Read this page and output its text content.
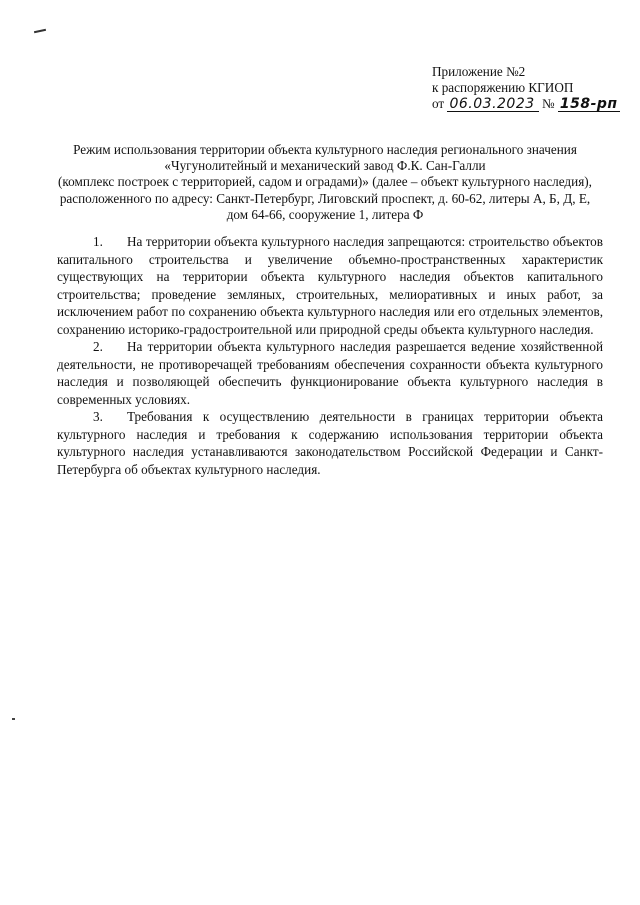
Приложение №2
к распоряжению КГИОП
от 06.03.2023 № 158-рп
Режим использования территории объекта культурного наследия регионального значения
«Чугунолитейный и механический завод Ф.К. Сан-Галли
(комплекс построек с территорией, садом и оградами)» (далее – объект культурного наследия),
расположенного по адресу: Санкт-Петербург, Лиговский проспект, д. 60-62, литеры А, Б, Д, Е,
дом 64-66, сооружение 1, литера Ф

1. На территории объекта культурного наследия запрещаются: строительство объектов капитального строительства и увеличение объемно-пространственных характеристик существующих на территории объекта культурного наследия объектов капитального строительства; проведение земляных, строительных, мелиоративных и иных работ, за исключением работ по сохранению объекта культурного наследия или его отдельных элементов, сохранению историко-градостроительной или природной среды объекта культурного наследия.

2. На территории объекта культурного наследия разрешается ведение хозяйственной деятельности, не противоречащей требованиям обеспечения сохранности объекта культурного наследия и позволяющей обеспечить функционирование объекта культурного наследия в современных условиях.

3. Требования к осуществлению деятельности в границах территории объекта культурного наследия и требования к содержанию использования территории объекта культурного наследия устанавливаются законодательством Российской Федерации и Санкт-Петербурга об объектах культурного наследия.
